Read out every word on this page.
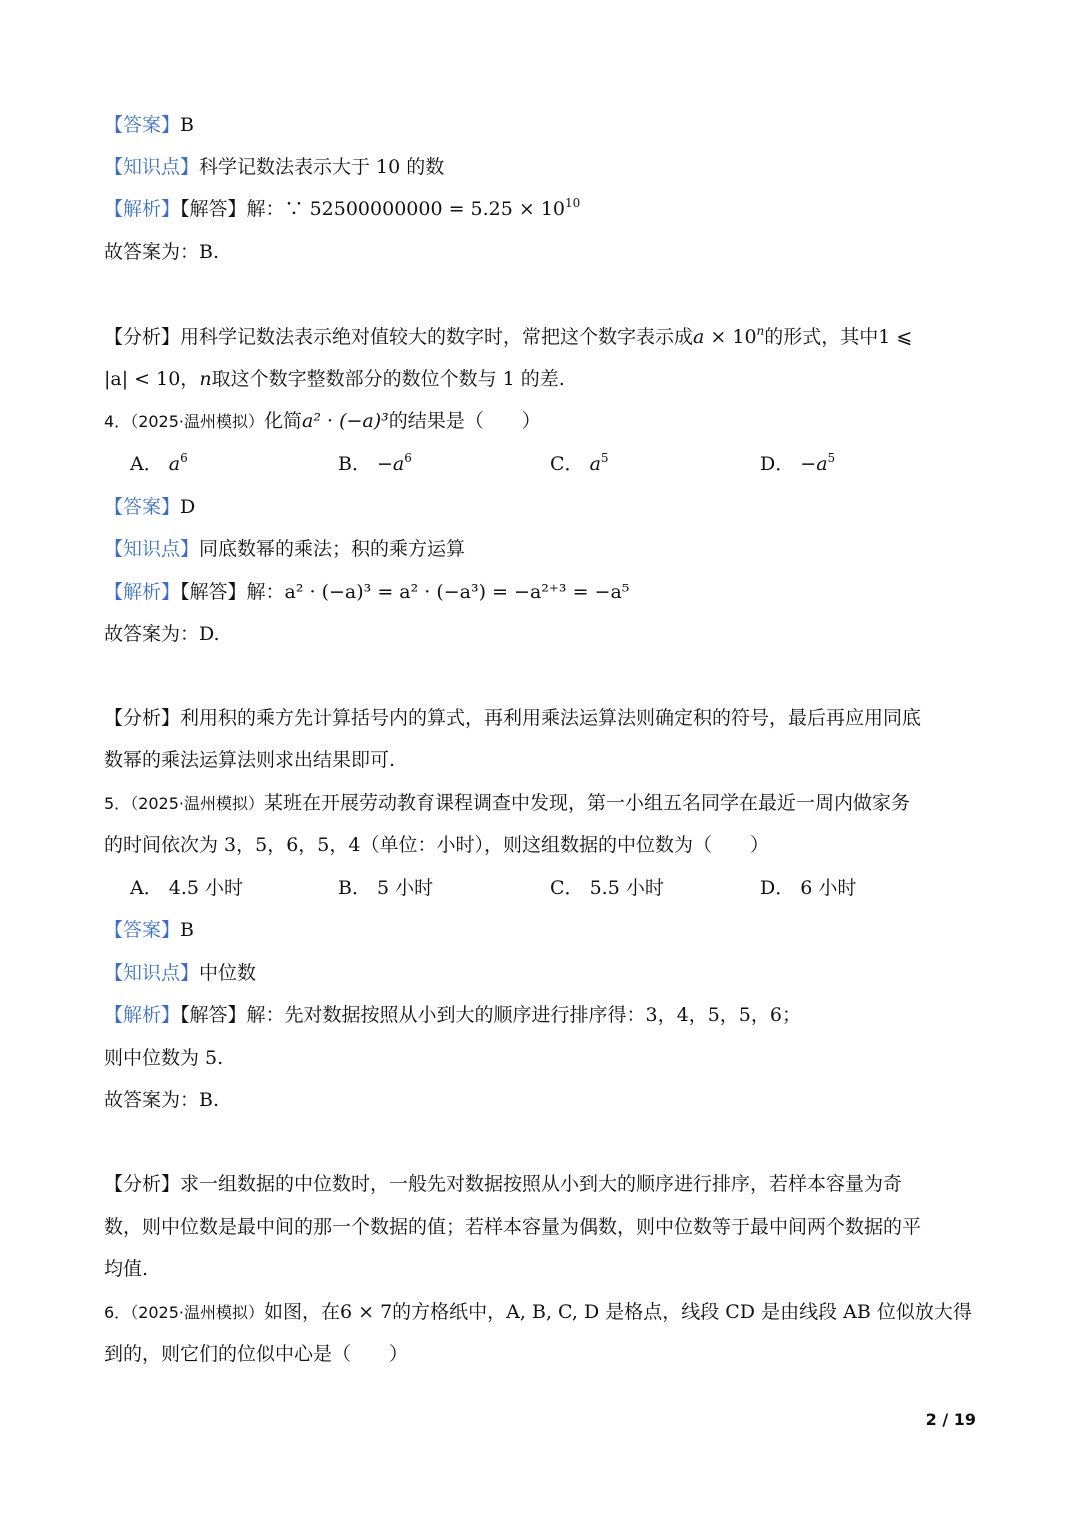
【答案】B
【知识点】科学记数法表示大于 10 的数
【解析】【解答】解：∵ $52500000000 = 5.25 \times 10^{10}$
故答案为：B.
【分析】用科学记数法表示绝对值较大的数字时，常把这个数字表示成$a \times 10^n$的形式，其中1 ⩽
|a| < 10，n取这个数字整数部分的数位个数与 1 的差.
4．（2025·温州模拟）化简a² · (−a)³的结果是（　　）
A． $a^6$	B． $-a^6$	C． $a^5$	D． $-a^5$
【答案】D
【知识点】同底数幂的乘法；积的乘方运算
【解析】【解答】解：a² · (−a)³ = a² · (−a³) = −a²⁺³ = −a⁵
故答案为：D.
【分析】利用积的乘方先计算括号内的算式，再利用乘法运算法则确定积的符号，最后再应用同底
数幂的乘法运算法则求出结果即可.
5．（2025·温州模拟）某班在开展劳动教育课程调查中发现，第一小组五名同学在最近一周内做家务
的时间依次为 3，5，6，5，4（单位：小时），则这组数据的中位数为（　　）
A． 4.5 小时	B． 5 小时	C． 5.5 小时	D． 6 小时
【答案】B
【知识点】中位数
【解析】【解答】解：先对数据按照从小到大的顺序进行排序得：3，4，5，5，6；
则中位数为 5.
故答案为：B.
【分析】求一组数据的中位数时，一般先对数据按照从小到大的顺序进行排序，若样本容量为奇
数，则中位数是最中间的那一个数据的值；若样本容量为偶数，则中位数等于最中间两个数据的平
均值.
6．（2025·温州模拟）如图，在6 × 7的方格纸中，A, B, C, D 是格点，线段 CD 是由线段 AB 位似放大得
到的，则它们的位似中心是（　　）
2 / 19
